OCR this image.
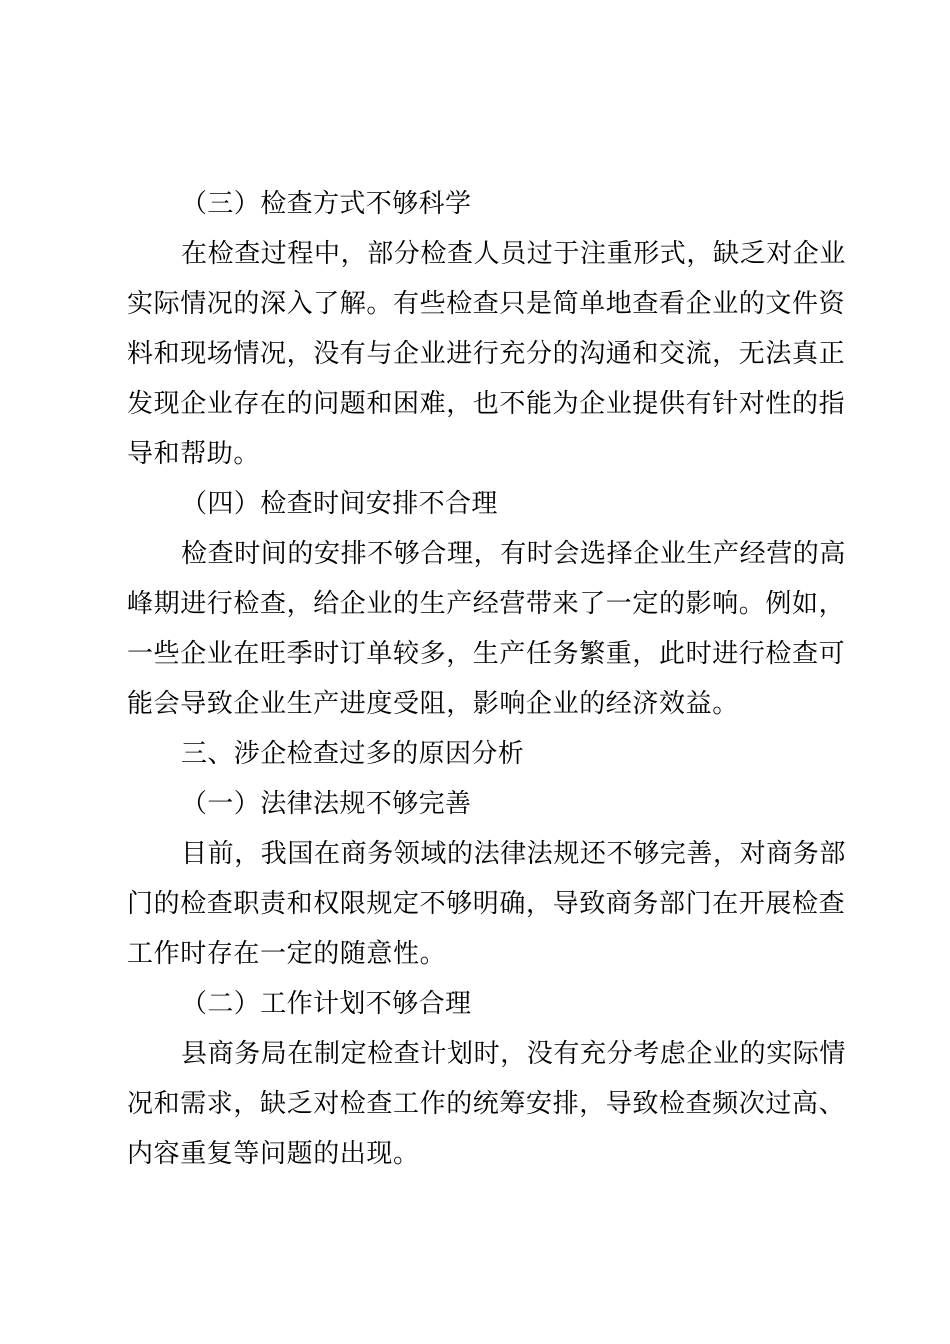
（三）检查方式不够科学
在检查过程中，部分检查人员过于注重形式，缺乏对企业
实际情况的深入了解。有些检查只是简单地查看企业的文件资
料和现场情况，没有与企业进行充分的沟通和交流，无法真正
发现企业存在的问题和困难，也不能为企业提供有针对性的指
导和帮助。
（四）检查时间安排不合理
检查时间的安排不够合理，有时会选择企业生产经营的高
峰期进行检查，给企业的生产经营带来了一定的影响。例如，
一些企业在旺季时订单较多，生产任务繁重，此时进行检查可
能会导致企业生产进度受阻，影响企业的经济效益。
三、涉企检查过多的原因分析
（一）法律法规不够完善
目前，我国在商务领域的法律法规还不够完善，对商务部
门的检查职责和权限规定不够明确，导致商务部门在开展检查
工作时存在一定的随意性。
（二）工作计划不够合理
县商务局在制定检查计划时，没有充分考虑企业的实际情
况和需求，缺乏对检查工作的统筹安排，导致检查频次过高、
内容重复等问题的出现。
